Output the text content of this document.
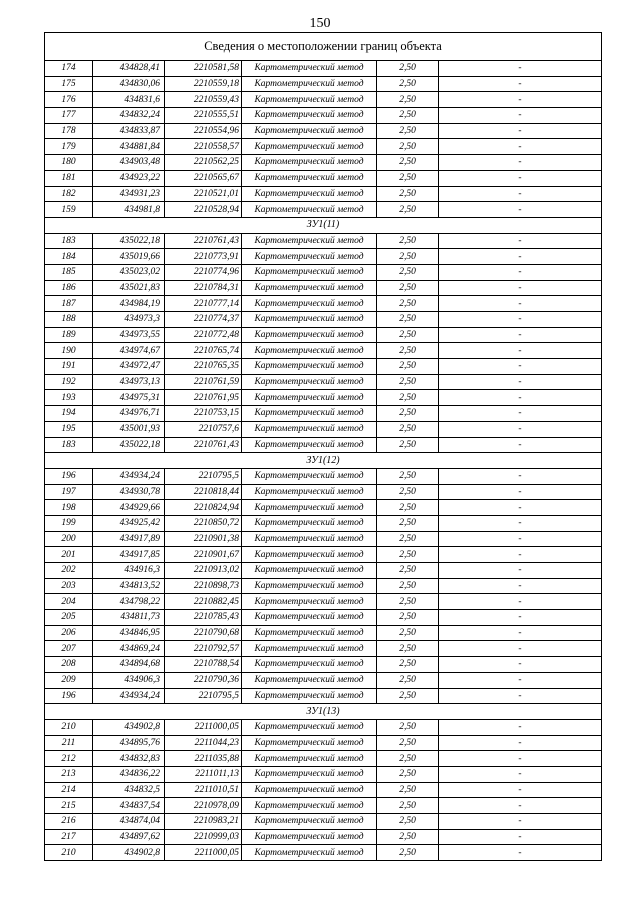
150
Сведения о местоположении границ объекта					
174	434828,41	2210581,58	Картометрический метод	2,50	-
175	434830,06	2210559,18	Картометрический метод	2,50	-
176	434831,6	2210559,43	Картометрический метод	2,50	-
177	434832,24	2210555,51	Картометрический метод	2,50	-
178	434833,87	2210554,96	Картометрический метод	2,50	-
179	434881,84	2210558,57	Картометрический метод	2,50	-
180	434903,48	2210562,25	Картометрический метод	2,50	-
181	434923,22	2210565,67	Картометрический метод	2,50	-
182	434931,23	2210521,01	Картометрический метод	2,50	-
159	434981,8	2210528,94	Картометрический метод	2,50	-
ЗУ1(11)					
183	435022,18	2210761,43	Картометрический метод	2,50	-
184	435019,66	2210773,91	Картометрический метод	2,50	-
185	435023,02	2210774,96	Картометрический метод	2,50	-
186	435021,83	2210784,31	Картометрический метод	2,50	-
187	434984,19	2210777,14	Картометрический метод	2,50	-
188	434973,3	2210774,37	Картометрический метод	2,50	-
189	434973,55	2210772,48	Картометрический метод	2,50	-
190	434974,67	2210765,74	Картометрический метод	2,50	-
191	434972,47	2210765,35	Картометрический метод	2,50	-
192	434973,13	2210761,59	Картометрический метод	2,50	-
193	434975,31	2210761,95	Картометрический метод	2,50	-
194	434976,71	2210753,15	Картометрический метод	2,50	-
195	435001,93	2210757,6	Картометрический метод	2,50	-
183	435022,18	2210761,43	Картометрический метод	2,50	-
ЗУ1(12)					
196	434934,24	2210795,5	Картометрический метод	2,50	-
197	434930,78	2210818,44	Картометрический метод	2,50	-
198	434929,66	2210824,94	Картометрический метод	2,50	-
199	434925,42	2210850,72	Картометрический метод	2,50	-
200	434917,89	2210901,38	Картометрический метод	2,50	-
201	434917,85	2210901,67	Картометрический метод	2,50	-
202	434916,3	2210913,02	Картометрический метод	2,50	-
203	434813,52	2210898,73	Картометрический метод	2,50	-
204	434798,22	2210882,45	Картометрический метод	2,50	-
205	434811,73	2210785,43	Картометрический метод	2,50	-
206	434846,95	2210790,68	Картометрический метод	2,50	-
207	434869,24	2210792,57	Картометрический метод	2,50	-
208	434894,68	2210788,54	Картометрический метод	2,50	-
209	434906,3	2210790,36	Картометрический метод	2,50	-
196	434934,24	2210795,5	Картометрический метод	2,50	-
ЗУ1(13)					
210	434902,8	2211000,05	Картометрический метод	2,50	-
211	434895,76	2211044,23	Картометрический метод	2,50	-
212	434832,83	2211035,88	Картометрический метод	2,50	-
213	434836,22	2211011,13	Картометрический метод	2,50	-
214	434832,5	2211010,51	Картометрический метод	2,50	-
215	434837,54	2210978,09	Картометрический метод	2,50	-
216	434874,04	2210983,21	Картометрический метод	2,50	-
217	434897,62	2210999,03	Картометрический метод	2,50	-
210	434902,8	2211000,05	Картометрический метод	2,50	-
